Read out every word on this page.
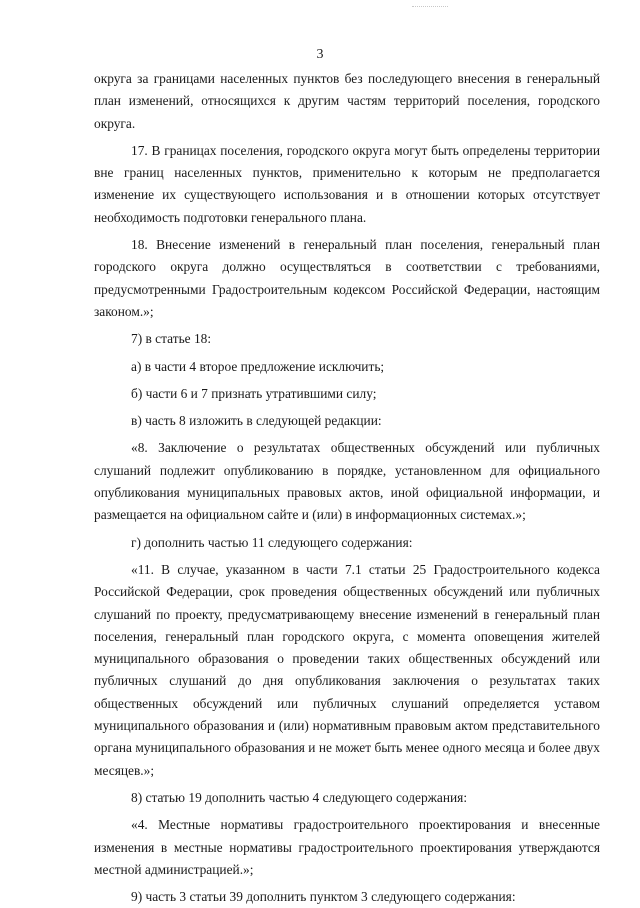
3

округа за границами населенных пунктов без последующего внесения в генеральный план изменений, относящихся к другим частям территорий поселения, городского округа.

17. В границах поселения, городского округа могут быть определены территории вне границ населенных пунктов, применительно к которым не предполагается изменение их существующего использования и в отношении которых отсутствует необходимость подготовки генерального плана.

18. Внесение изменений в генеральный план поселения, генеральный план городского округа должно осуществляться в соответствии с требованиями, предусмотренными Градостроительным кодексом Российской Федерации, настоящим законом.»;

7) в статье 18:

а) в части 4 второе предложение исключить;

б) части 6 и 7 признать утратившими силу;

в) часть 8 изложить в следующей редакции:

«8. Заключение о результатах общественных обсуждений или публичных слушаний подлежит опубликованию в порядке, установленном для официального опубликования муниципальных правовых актов, иной официальной информации, и размещается на официальном сайте и (или) в информационных системах.»;

г) дополнить частью 11 следующего содержания:

«11. В случае, указанном в части 7.1 статьи 25 Градостроительного кодекса Российской Федерации, срок проведения общественных обсуждений или публичных слушаний по проекту, предусматривающему внесение изменений в генеральный план поселения, генеральный план городского округа, с момента оповещения жителей муниципального образования о проведении таких общественных обсуждений или публичных слушаний до дня опубликования заключения о результатах таких общественных обсуждений или публичных слушаний определяется уставом муниципального образования и (или) нормативным правовым актом представительного органа муниципального образования и не может быть менее одного месяца и более двух месяцев.»;

8) статью 19 дополнить частью 4 следующего содержания:

«4. Местные нормативы градостроительного проектирования и внесенные изменения в местные нормативы градостроительного проектирования утверждаются местной администрацией.»;

9) часть 3 статьи 39 дополнить пунктом 3 следующего содержания:
